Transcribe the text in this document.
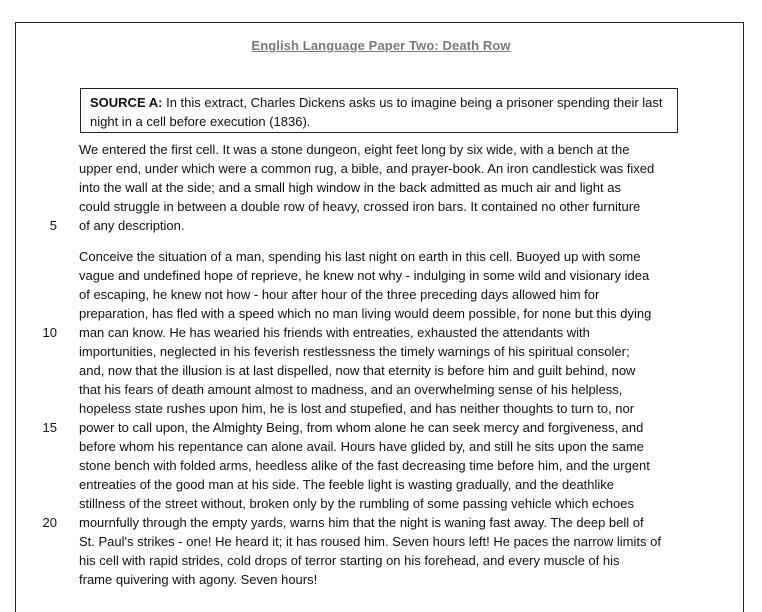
English Language Paper Two: Death Row
SOURCE A: In this extract, Charles Dickens asks us to imagine being a prisoner spending their last night in a cell before execution (1836).
We entered the first cell. It was a stone dungeon, eight feet long by six wide, with a bench at the
upper end, under which were a common rug, a bible, and prayer-book. An iron candlestick was fixed
into the wall at the side; and a small high window in the back admitted as much air and light as
could struggle in between a double row of heavy, crossed iron bars. It contained no other furniture
of any description.
Conceive the situation of a man, spending his last night on earth in this cell. Buoyed up with some
vague and undefined hope of reprieve, he knew not why - indulging in some wild and visionary idea
of escaping, he knew not how - hour after hour of the three preceding days allowed him for
preparation, has fled with a speed which no man living would deem possible, for none but this dying
man can know. He has wearied his friends with entreaties, exhausted the attendants with
importunities, neglected in his feverish restlessness the timely warnings of his spiritual consoler;
and, now that the illusion is at last dispelled, now that eternity is before him and guilt behind, now
that his fears of death amount almost to madness, and an overwhelming sense of his helpless,
hopeless state rushes upon him, he is lost and stupefied, and has neither thoughts to turn to, nor
power to call upon, the Almighty Being, from whom alone he can seek mercy and forgiveness, and
before whom his repentance can alone avail. Hours have glided by, and still he sits upon the same
stone bench with folded arms, heedless alike of the fast decreasing time before him, and the urgent
entreaties of the good man at his side. The feeble light is wasting gradually, and the deathlike
stillness of the street without, broken only by the rumbling of some passing vehicle which echoes
mournfully through the empty yards, warns him that the night is waning fast away. The deep bell of
St. Paul's strikes - one! He heard it; it has roused him. Seven hours left! He paces the narrow limits of
his cell with rapid strides, cold drops of terror starting on his forehead, and every muscle of his
frame quivering with agony. Seven hours!
5
10
15
20
